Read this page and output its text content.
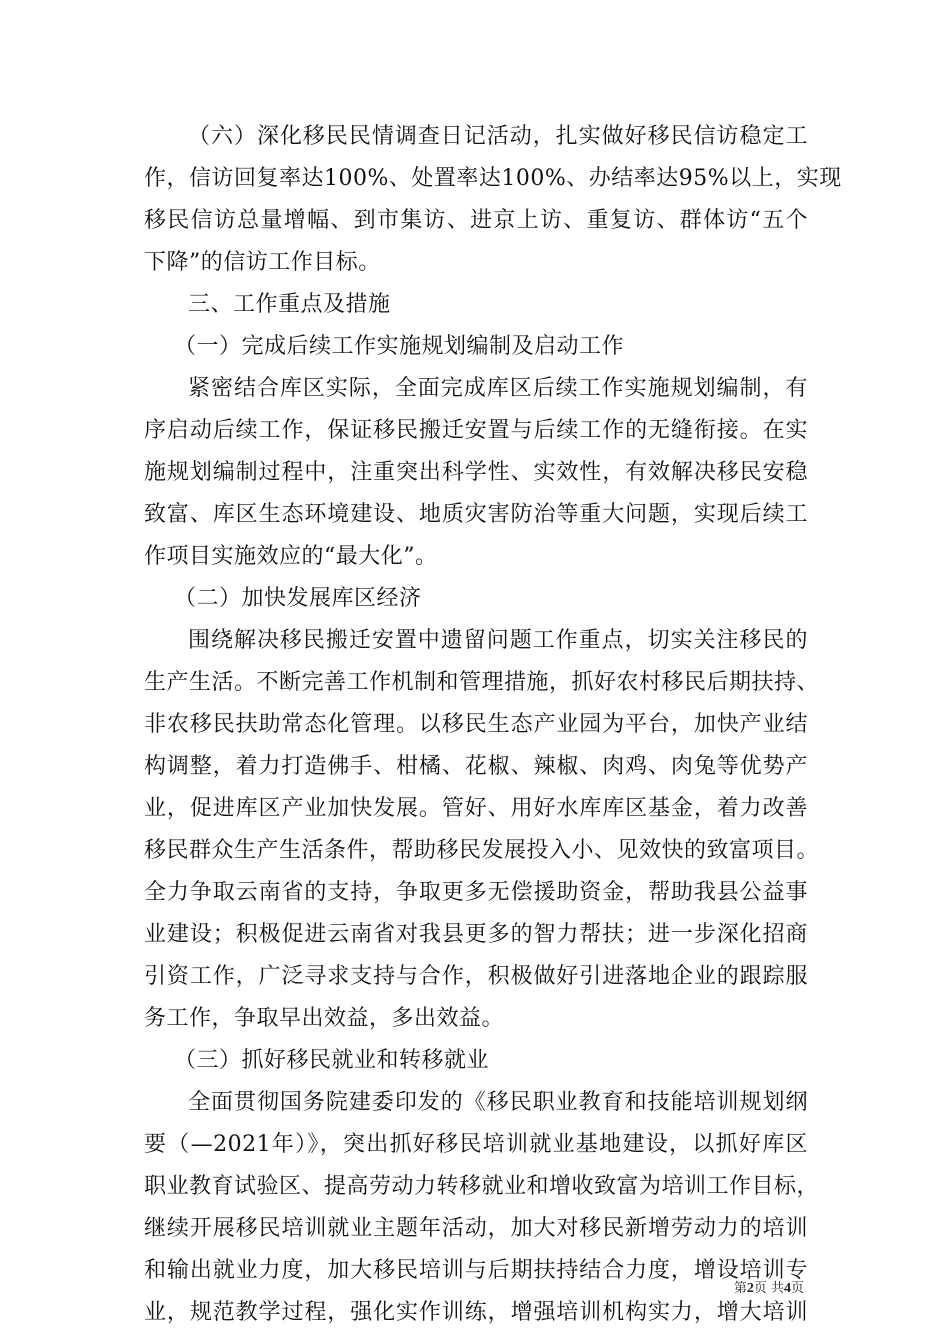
（六）深化移民民情调查日记活动，扎实做好移民信访稳定工
作，信访回复率达100%、处置率达100%、办结率达95%以上，实现
移民信访总量增幅、到市集访、进京上访、重复访、群体访“五个
下降”的信访工作目标。
三、工作重点及措施
（一）完成后续工作实施规划编制及启动工作
紧密结合库区实际，全面完成库区后续工作实施规划编制，有
序启动后续工作，保证移民搬迁安置与后续工作的无缝衔接。在实
施规划编制过程中，注重突出科学性、实效性，有效解决移民安稳
致富、库区生态环境建设、地质灾害防治等重大问题，实现后续工
作项目实施效应的“最大化”。
（二）加快发展库区经济
围绕解决移民搬迁安置中遗留问题工作重点，切实关注移民的
生产生活。不断完善工作机制和管理措施，抓好农村移民后期扶持、
非农移民扶助常态化管理。以移民生态产业园为平台，加快产业结
构调整，着力打造佛手、柑橘、花椒、辣椒、肉鸡、肉兔等优势产
业，促进库区产业加快发展。管好、用好水库库区基金，着力改善
移民群众生产生活条件，帮助移民发展投入小、见效快的致富项目。
全力争取云南省的支持，争取更多无偿援助资金，帮助我县公益事
业建设；积极促进云南省对我县更多的智力帮扶；进一步深化招商
引资工作，广泛寻求支持与合作，积极做好引进落地企业的跟踪服
务工作，争取早出效益，多出效益。
（三）抓好移民就业和转移就业
全面贯彻国务院建委印发的《移民职业教育和技能培训规划纲
要（—2021年）》，突出抓好移民培训就业基地建设，以抓好库区
职业教育试验区、提高劳动力转移就业和增收致富为培训工作目标，
继续开展移民培训就业主题年活动，加大对移民新增劳动力的培训
和输出就业力度，加大移民培训与后期扶持结合力度，增设培训专
业，规范教学过程，强化实作训练，增强培训机构实力，增大培训
第2页 共4页
